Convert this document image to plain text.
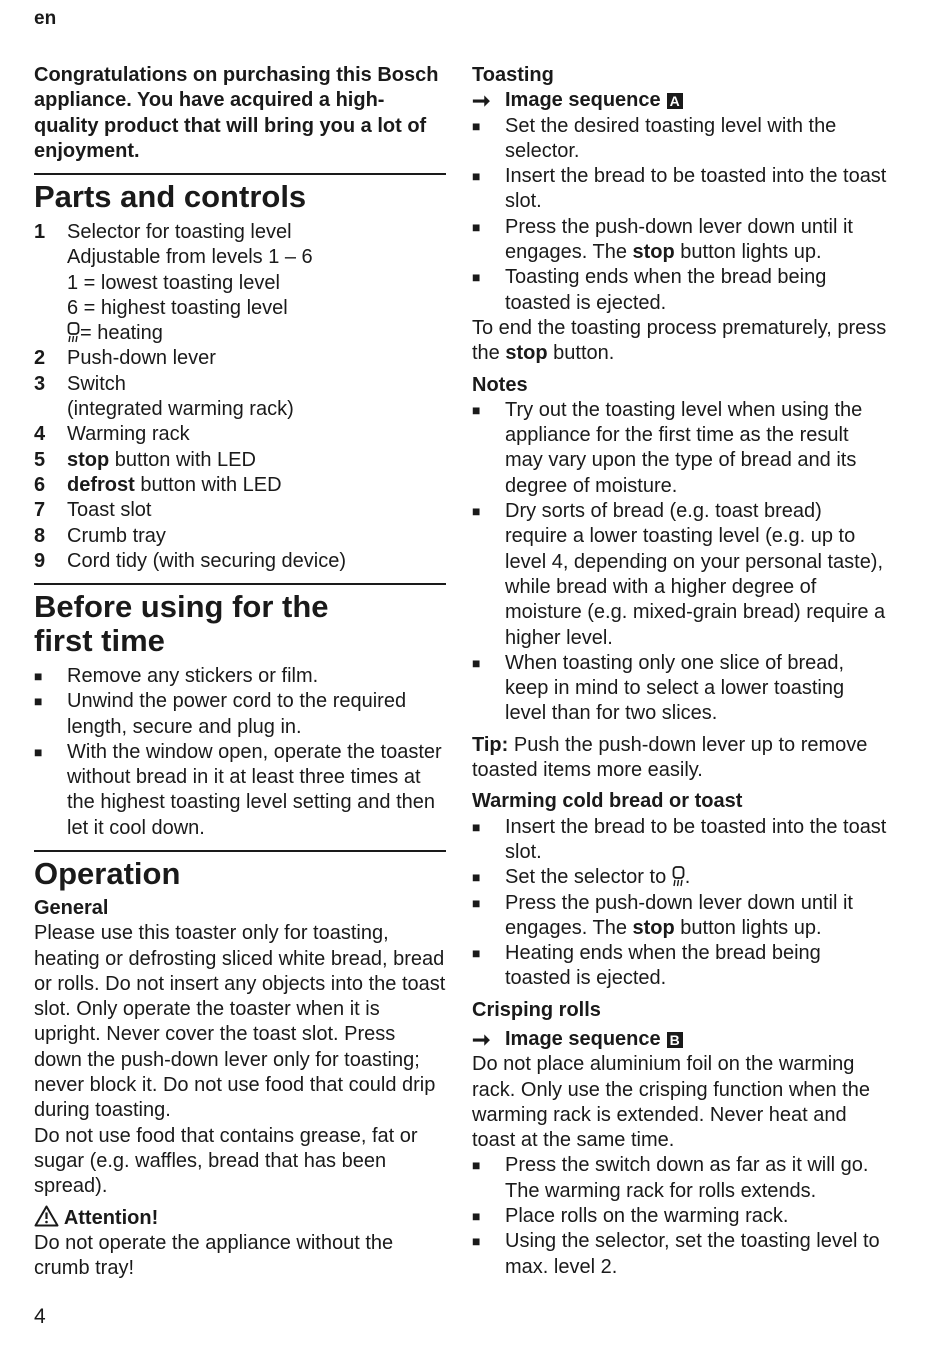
en
Congratulations on purchasing this Bosch appliance. You have acquired a high-quality product that will bring you a lot of enjoyment.
Parts and controls
1	Selector for toasting level

Adjustable from levels 1 – 6

1 = lowest toasting level

6 = highest toasting level

= heating

2	Push-down lever
3	Switch

(integrated warming rack)

4	Warming rack
5	stop button with LED
6	defrost button with LED
7	Toast slot
8	Crumb tray
9	Cord tidy (with securing device)
Before using for the
first time
■	Remove any stickers or film.
■	Unwind the power cord to the required length, secure and plug in.
■	With the window open, operate the toaster without bread in it at least three times at the highest toasting level setting and then let it cool down.
Operation
General

Please use this toaster only for toasting, heating or defrosting sliced white bread, bread or rolls. Do not insert any objects into the toast slot. Only operate the toaster when it is upright. Never cover the toast slot. Press down the push-down lever only for toasting; never block it. Do not use food that could drip during toasting.

Do not use food that contains grease, fat or sugar (e.g. waffles, bread that has been spread).

Attention!

Do not operate the appliance without the crumb tray!

4
Toasting
➞ Image sequence A
■	Set the desired toasting level with the selector.
■	Insert the bread to be toasted into the toast slot.
■	Press the push-down lever down until it engages. The stop button lights up.
■	Toasting ends when the bread being toasted is ejected.

To end the toasting process prematurely, press the stop button.

Notes
■	Try out the toasting level when using the appliance for the first time as the result may vary upon the type of bread and its degree of moisture.
■	Dry sorts of bread (e.g. toast bread) require a lower toasting level (e.g. up to level 4, depending on your personal taste), while bread with a higher degree of moisture (e.g. mixed-grain bread) require a higher level.
■	When toasting only one slice of bread, keep in mind to select a lower toasting level than for two slices.

Tip: Push the push-down lever up to remove toasted items more easily.

Warming cold bread or toast
■	Insert the bread to be toasted into the toast slot.
■	Set the selector to .
■	Press the push-down lever down until it engages. The stop button lights up.
■	Heating ends when the bread being toasted is ejected.
Crisping rolls
➞ Image sequence B

Do not place aluminium foil on the warming rack. Only use the crisping function when the warming rack is extended. Never heat and toast at the same time.

■	Press the switch down as far as it will go. The warming rack for rolls extends.
■	Place rolls on the warming rack.
■	Using the selector, set the toasting level to max. level 2.
